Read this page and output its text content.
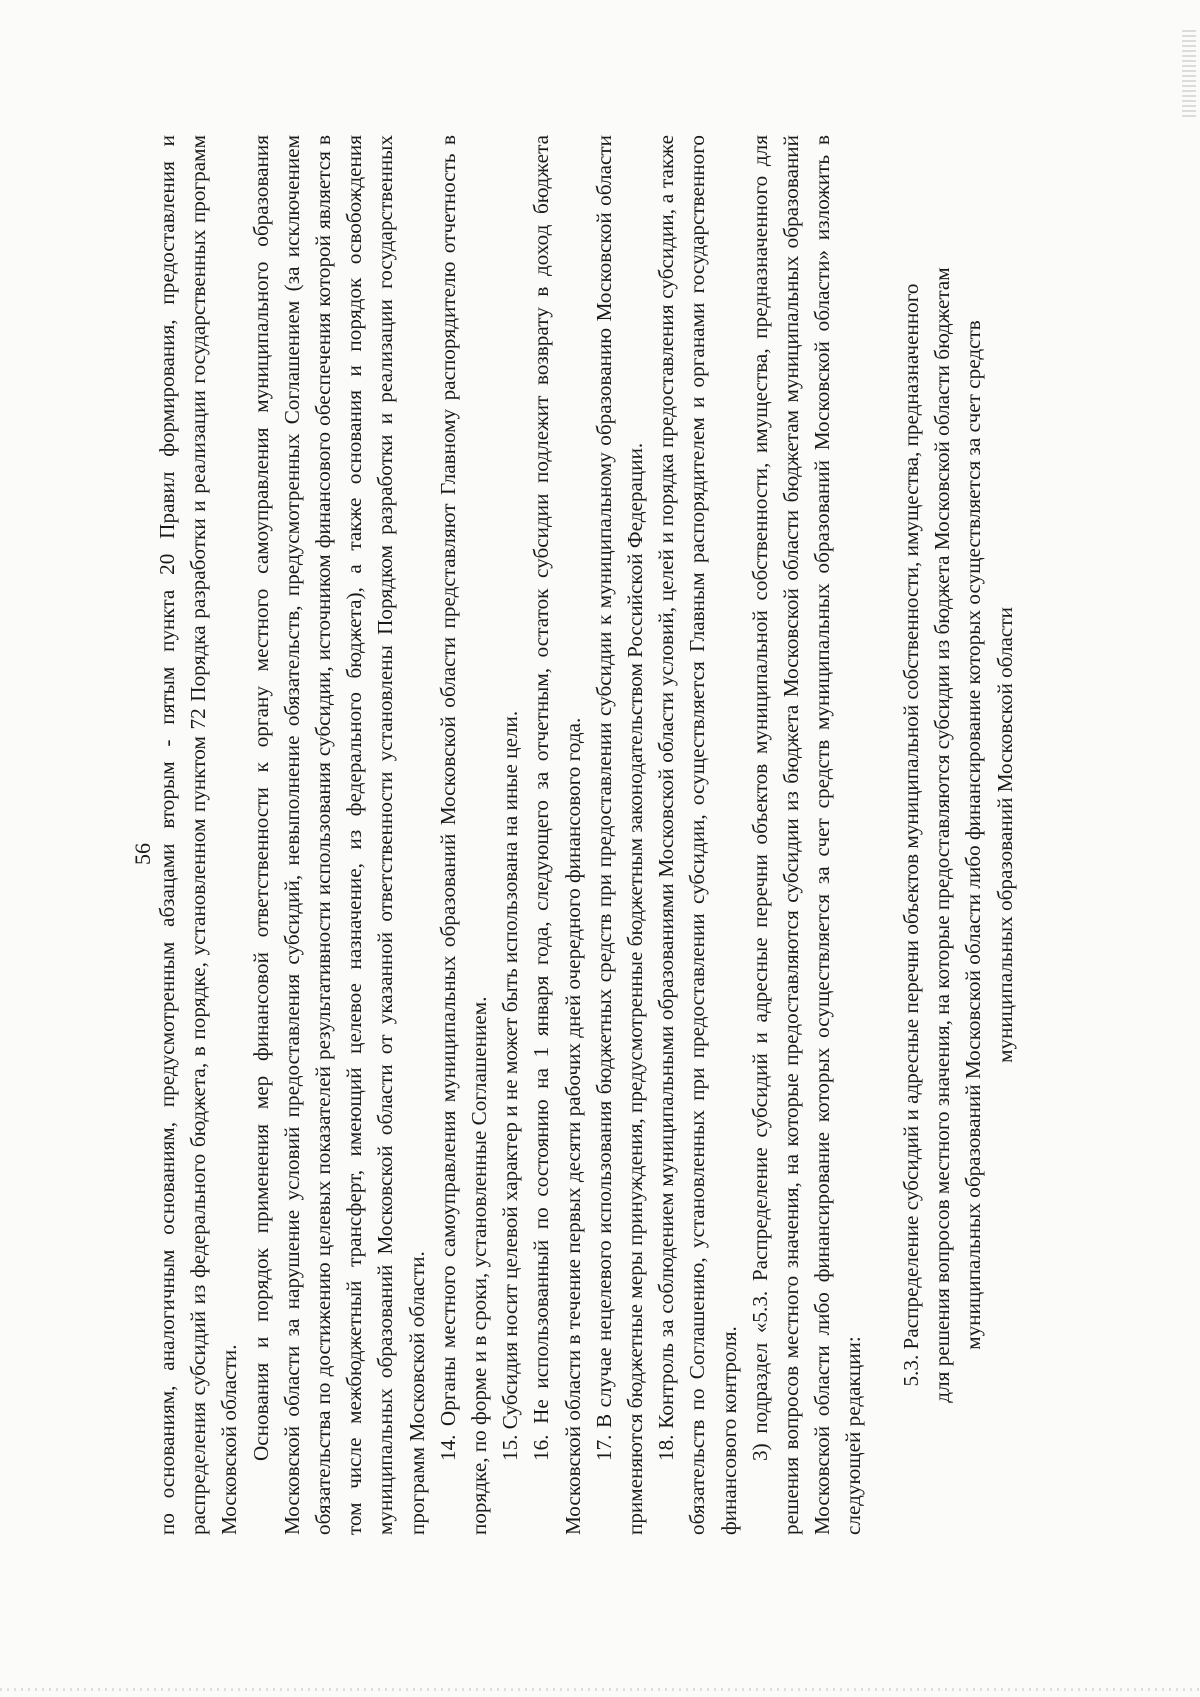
56 по основаниям, аналогичным основаниям, предусмотренным абзацами вторым - пятым пункта 20 Правил формирования, предоставления и распределения субсидий из федерального бюджета, в порядке, установленном пунктом 72 Порядка разработки и реализации государственных программ Московской области. Основания и порядок применения мер финансовой ответственности к органу местного самоуправления муниципального образования Московской области за нарушение условий предоставления субсидий, невыполнение обязательств, предусмотренных Соглашением (за исключением обязательства по достижению целевых показателей результативности использования субсидии, источником финансового обеспечения которой является в том числе межбюджетный трансферт, имеющий целевое назначение, из федерального бюджета), а также основания и порядок освобождения муниципальных образований Московской области от указанной ответственности установлены Порядком разработки и реализации государственных программ Московской области. 14. Органы местного самоуправления муниципальных образований Московской области представляют Главному распорядителю отчетность в порядке, по форме и в сроки, установленные Соглашением. 15. Субсидия носит целевой характер и не может быть использована на иные цели. 16. Не использованный по состоянию на 1 января года, следующего за отчетным, остаток субсидии подлежит возврату в доход бюджета Московской области в течение первых десяти рабочих дней очередного финансового года. 17. В случае нецелевого использования бюджетных средств при предоставлении субсидии к муниципальному образованию Московской области применяются бюджетные меры принуждения, предусмотренные бюджетным законодательством Российской Федерации. 18. Контроль за соблюдением муниципальными образованиями Московской области условий, целей и порядка предоставления субсидии, а также обязательств по Соглашению, установленных при предоставлении субсидии, осуществляется Главным распорядителем и органами государственного финансового контроля. 3) подраздел «5.3. Распределение субсидий и адресные перечни объектов муниципальной собственности, имущества, предназначенного для решения вопросов местного значения, на которые предоставляются субсидии из бюджета Московской области бюджетам муниципальных образований Московской области либо финансирование которых осуществляется за счет средств муниципальных образований Московской области» изложить в следующей редакции:

5.3. Распределение субсидий и адресные перечни объектов муниципальной собственности, имущества, предназначенного для решения вопросов местного значения, на которые предоставляются субсидии из бюджета Московской области бюджетам муниципальных образований Московской области либо финансирование которых осуществляется за счет средств муниципальных образований Московской области
